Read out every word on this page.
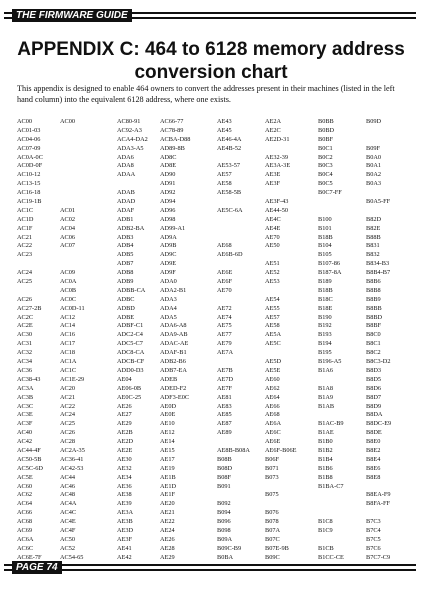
THE FIRMWARE GUIDE
APPENDIX C: 464 to 6128 memory address
conversion chart
This appendix is designed to enable 464 owners to convert the addresses present in their machines (listed in the left hand column) into the equivalent 6128 address, where one exists.
AC00
AC01-03
AC04-06
AC07-09
AC0A-0C
AC0D-0F
AC10-12
AC13-15
AC16-18
AC19-1B
AC1C
AC1D
AC1F
AC21
AC22
AC23
AC24
AC25
AC26
AC27-2B
AC2C
AC2E
AC30
AC31
AC32
AC34
AC36
AC38-43
AC3A
AC3B
AC3C
AC3E
AC3F
AC40
AC42
AC44-4F
AC50-5B
AC5C-6D
AC5E
AC60
AC62
AC64
AC66
AC68
AC69
AC6A
AC6C
AC6E-7F
AC00
AC01
AC02
AC04
AC06
AC07
AC09
AC0A
AC0B
AC0C
AC0D-11
AC12
AC14
AC16
AC17
AC18
AC1A
AC1C
AC1E-29
AC20
AC21
AC22
AC24
AC25
AC26
AC28
AC2A-35
AC36-41
AC42-53
AC44
AC46
AC48
AC4A
AC4C
AC4E
AC4F
AC50
AC52
AC54-65
AC80-91
AC92-A3
ACA4-DA2
ADA3-A5
ADA6
ADA8
ADAA
ADAB
ADAD
ADAF
ADB1
ADB2-BA
ADB3
ADB4
ADB5
ADB7
ADB8
ADB9
ADBB-CA
ADBC
ADBD
ADBE
ADBF-C1
ADC2-C4
ADC5-C7
ADC8-CA
ADCB-CF
ADD0-D3
AE04
AE06-0B
AE0C-25
AE26
AE27
AE29
AE2B
AE2D
AE2E
AE30
AE32
AE34
AE36
AE38
AE39
AE3A
AE3B
AE3D
AE3F
AE41
AE42
AC66-77
AC78-89
ACBA-D88
AD89-8B
AD8C
AD8E
AD90
AD91
AD92
AD94
AD96
AD98
AD99-A1
AD9A
AD9B
AD9C
AD9E
AD9F
ADA0
ADA2-B1
ADA3
ADA4
ADA5
ADA6-A8
ADA9-AB
ADAC-AE
ADAF-B1
ADB2-B6
ADB7-EA
ADEB
ADED-F2
ADF3-E0C
AE0D
AE0E
AE10
AE12
AE14
AE15
AE17
AE19
AE1B
AE1D
AE1F
AE20
AE21
AE22
AE24
AE26
AE28
AE29
AE43
AE45
AE46-4A
AE4B-52
AE53-57
AE57
AE58
AE58-5B
AE5C-6A
AE68
AE6B-6D
AE6E
AE6F
AE70
AE72
AE74
AE75
AE77
AE79
AE7A
AE7B
AE7D
AE7F
AE81
AE83
AE85
AE87
AE89
AE8B-B08A
B08B
B08D
B08F
B091
B092
B094
B096
B098
B09A
B09C-B9
B0BA
AE2A
AE2C
AE2D-31
AE32-39
AE3A-3E
AE3E
AE3F
AE3F-43
AE44-50
AE4C
AE4E
AE70
AE50
AE51
AE52
AE53
AE54
AE55
AE57
AE58
AE5A
AE5C
AE5D
AE5E
AE60
AE62
AE64
AE66
AE68
AE6A
AE6C
AE6E
AE6F-B06E
B06F
B071
B073
B075
B076
B078
B07A
B07C
B07E-9B
B09C
B0BB
B0BD
B0BF
B0C1
B0C2
B0C3
B0C4
B0C5
B0C7-FF
B100
B101
B18B
B104
B105
B107-86
B187-8A
B189
B18B
B18C
B18E
B190
B192
B193
B194
B195
B196-A5
B1A6
B1A8
B1A9
B1AB
B1AC-B9
B1AE
B1B0
B1B2
B1B4
B1B6
B1B8
B1BA-C7
B1C8
B1C9
B1CB
B1CC-CE
B09D
B09F
B0A0
B0A1
B0A2
B0A3
B0A5-FF
B82D
B82E
B88B
B831
B832
B834-B3
B8B4-B7
B8B6
B8B8
B8B9
B8BB
B8BD
B8BF
B8C0
B8C1
B8C2
B8C3-D2
B8D3
B8D5
B8D6
B8D7
B8D9
B8DA
B8DC-E9
B8DE
B8E0
B8E2
B8E4
B8E6
B8E8
B8EA-F9
B8FA-FF
B7C3
B7C4
B7C5
B7C6
B7C7-C9
PAGE 74
